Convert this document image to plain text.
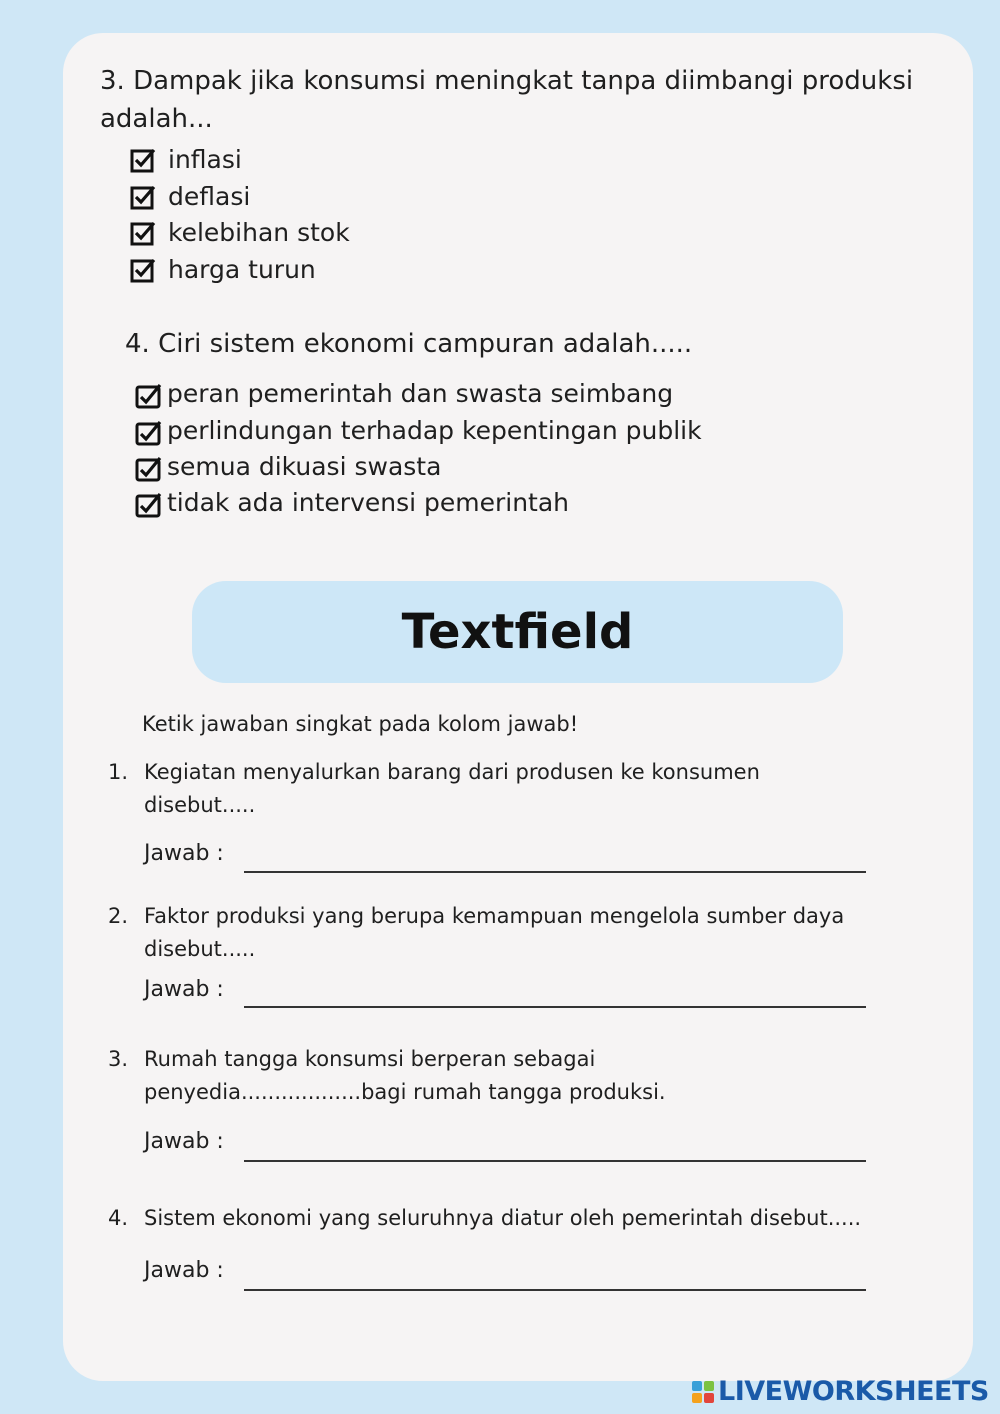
3. Dampak jika konsumsi meningkat tanpa diimbangi produksi adalah...
inflasi
deflasi
kelebihan stok
harga turun
4. Ciri sistem ekonomi campuran adalah.....
peran pemerintah dan swasta seimbang
perlindungan terhadap kepentingan publik
semua dikuasi swasta
tidak ada intervensi pemerintah
Textfield
Ketik jawaban singkat pada kolom jawab!
1. Kegiatan menyalurkan barang dari produsen ke konsumen
disebut.....
Jawab :
2. Faktor produksi yang berupa kemampuan mengelola sumber daya
disebut.....
Jawab :
3. Rumah tangga konsumsi berperan sebagai
penyedia..................bagi rumah tangga produksi.
Jawab :
4. Sistem ekonomi yang seluruhnya diatur oleh pemerintah disebut.....
Jawab :
LIVEWORKSHEETS
